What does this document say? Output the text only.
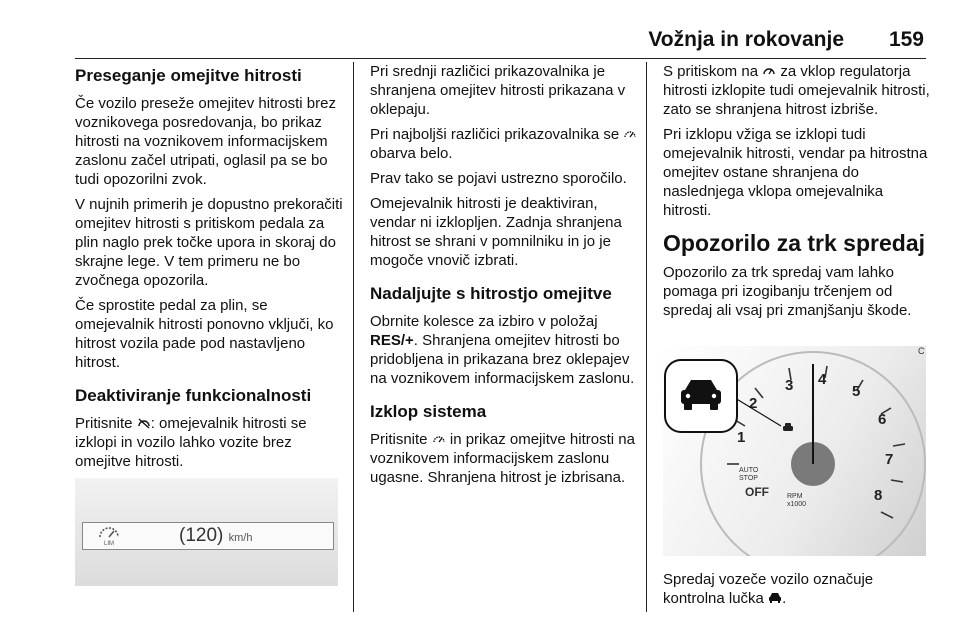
Vožnja in rokovanje 159
Preseganje omejitve hitrosti

Če vozilo preseže omejitev hitrosti brez voznikovega posredovanja, bo prikaz hitrosti na voznikovem informacijskem zaslonu začel utripati, oglasil pa se bo tudi opozorilni zvok.

V nujnih primerih je dopustno prekoračiti omejitev hitrosti s pritiskom pedala za plin naglo prek točke upora in skoraj do skrajne lege. V tem primeru ne bo zvočnega opozorila.

Če sprostite pedal za plin, se omejevalnik hitrosti ponovno vključi, ko hitrost vozila pade pod nastavljeno hitrost.

Deaktiviranje funkcionalnosti

Pritisnite : omejevalnik hitrosti se izklopi in vozilo lahko vozite brez omejitve hitrosti.

LIM	(120) km/h

Pri srednji različici prikazovalnika je shranjena omejitev hitrosti prikazana v oklepaju.

Pri najboljši različici prikazovalnika se  obarva belo.

Prav tako se pojavi ustrezno sporočilo.

Omejevalnik hitrosti je deaktiviran, vendar ni izklopljen. Zadnja shranjena hitrost se shrani v pomnilniku in jo je mogoče vnovič izbrati.

Nadaljujte s hitrostjo omejitve

Obrnite kolesce za izbiro v položaj RES/+. Shranjena omejitev hitrosti bo pridobljena in prikazana brez oklepajev na voznikovem informacijskem zaslonu.

Izklop sistema

Pritisnite  in prikaz omejitve hitrosti na voznikovem informacijskem zaslonu ugasne. Shranjena hitrost je izbrisana.

S pritiskom na  za vklop regulatorja hitrosti izklopite tudi omejevalnik hitrosti, zato se shranjena hitrost izbriše.

Pri izklopu vžiga se izklopi tudi omejevalnik hitrosti, vendar pa hitrostna omejitev ostane shranjena do naslednjega vklopa omejevalnika hitrosti.

Opozorilo za trk spredaj

Opozorilo za trk spredaj vam lahko pomaga pri izogibanju trčenjem od spredaj ali vsaj pri zmanjšanju škode.

1
2
3 4
5
6
7
8
AUTO
STOP
OFF	RPM
x1000
C

Spredaj vozeče vozilo označuje kontrolna lučka .
